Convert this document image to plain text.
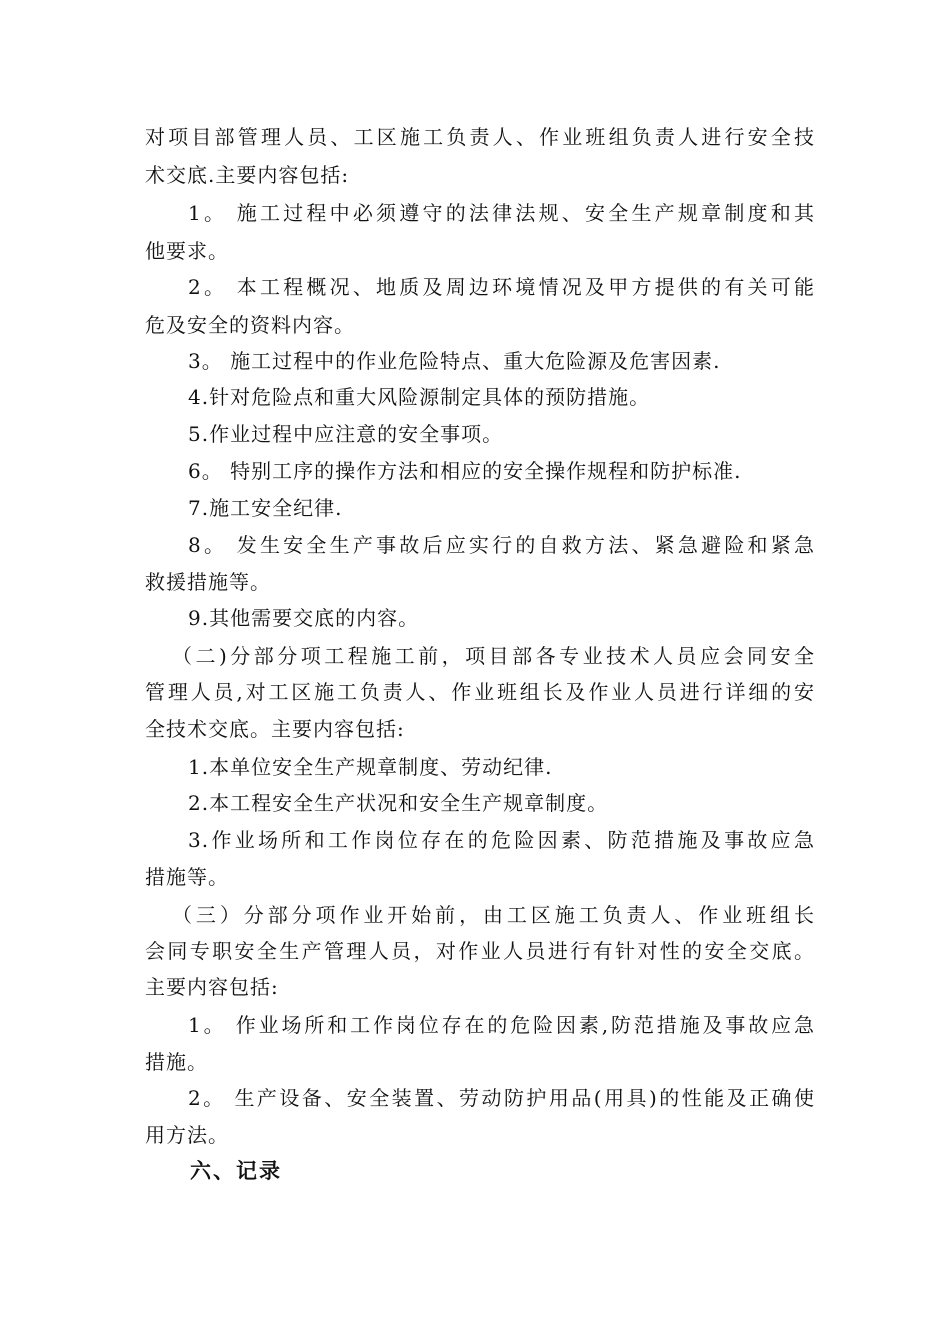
对项目部管理人员、工区施工负责人、作业班组负责人进行安全技
术交底.主要内容包括:
1。 施工过程中必须遵守的法律法规、安全生产规章制度和其
他要求。
2。 本工程概况、地质及周边环境情况及甲方提供的有关可能
危及安全的资料内容。
3。 施工过程中的作业危险特点、重大危险源及危害因素.
4.针对危险点和重大风险源制定具体的预防措施。
5.作业过程中应注意的安全事项。
6。 特别工序的操作方法和相应的安全操作规程和防护标准.
7.施工安全纪律.
8。 发生安全生产事故后应实行的自救方法、紧急避险和紧急
救援措施等。
9.其他需要交底的内容。
（二)分部分项工程施工前，项目部各专业技术人员应会同安全
管理人员,对工区施工负责人、作业班组长及作业人员进行详细的安
全技术交底。主要内容包括:
1.本单位安全生产规章制度、劳动纪律.
2.本工程安全生产状况和安全生产规章制度。
3.作业场所和工作岗位存在的危险因素、防范措施及事故应急
措施等。
（三）分部分项作业开始前，由工区施工负责人、作业班组长
会同专职安全生产管理人员，对作业人员进行有针对性的安全交底。
主要内容包括:
1。 作业场所和工作岗位存在的危险因素,防范措施及事故应急
措施。
2。 生产设备、安全装置、劳动防护用品(用具)的性能及正确使
用方法。
六、记录
